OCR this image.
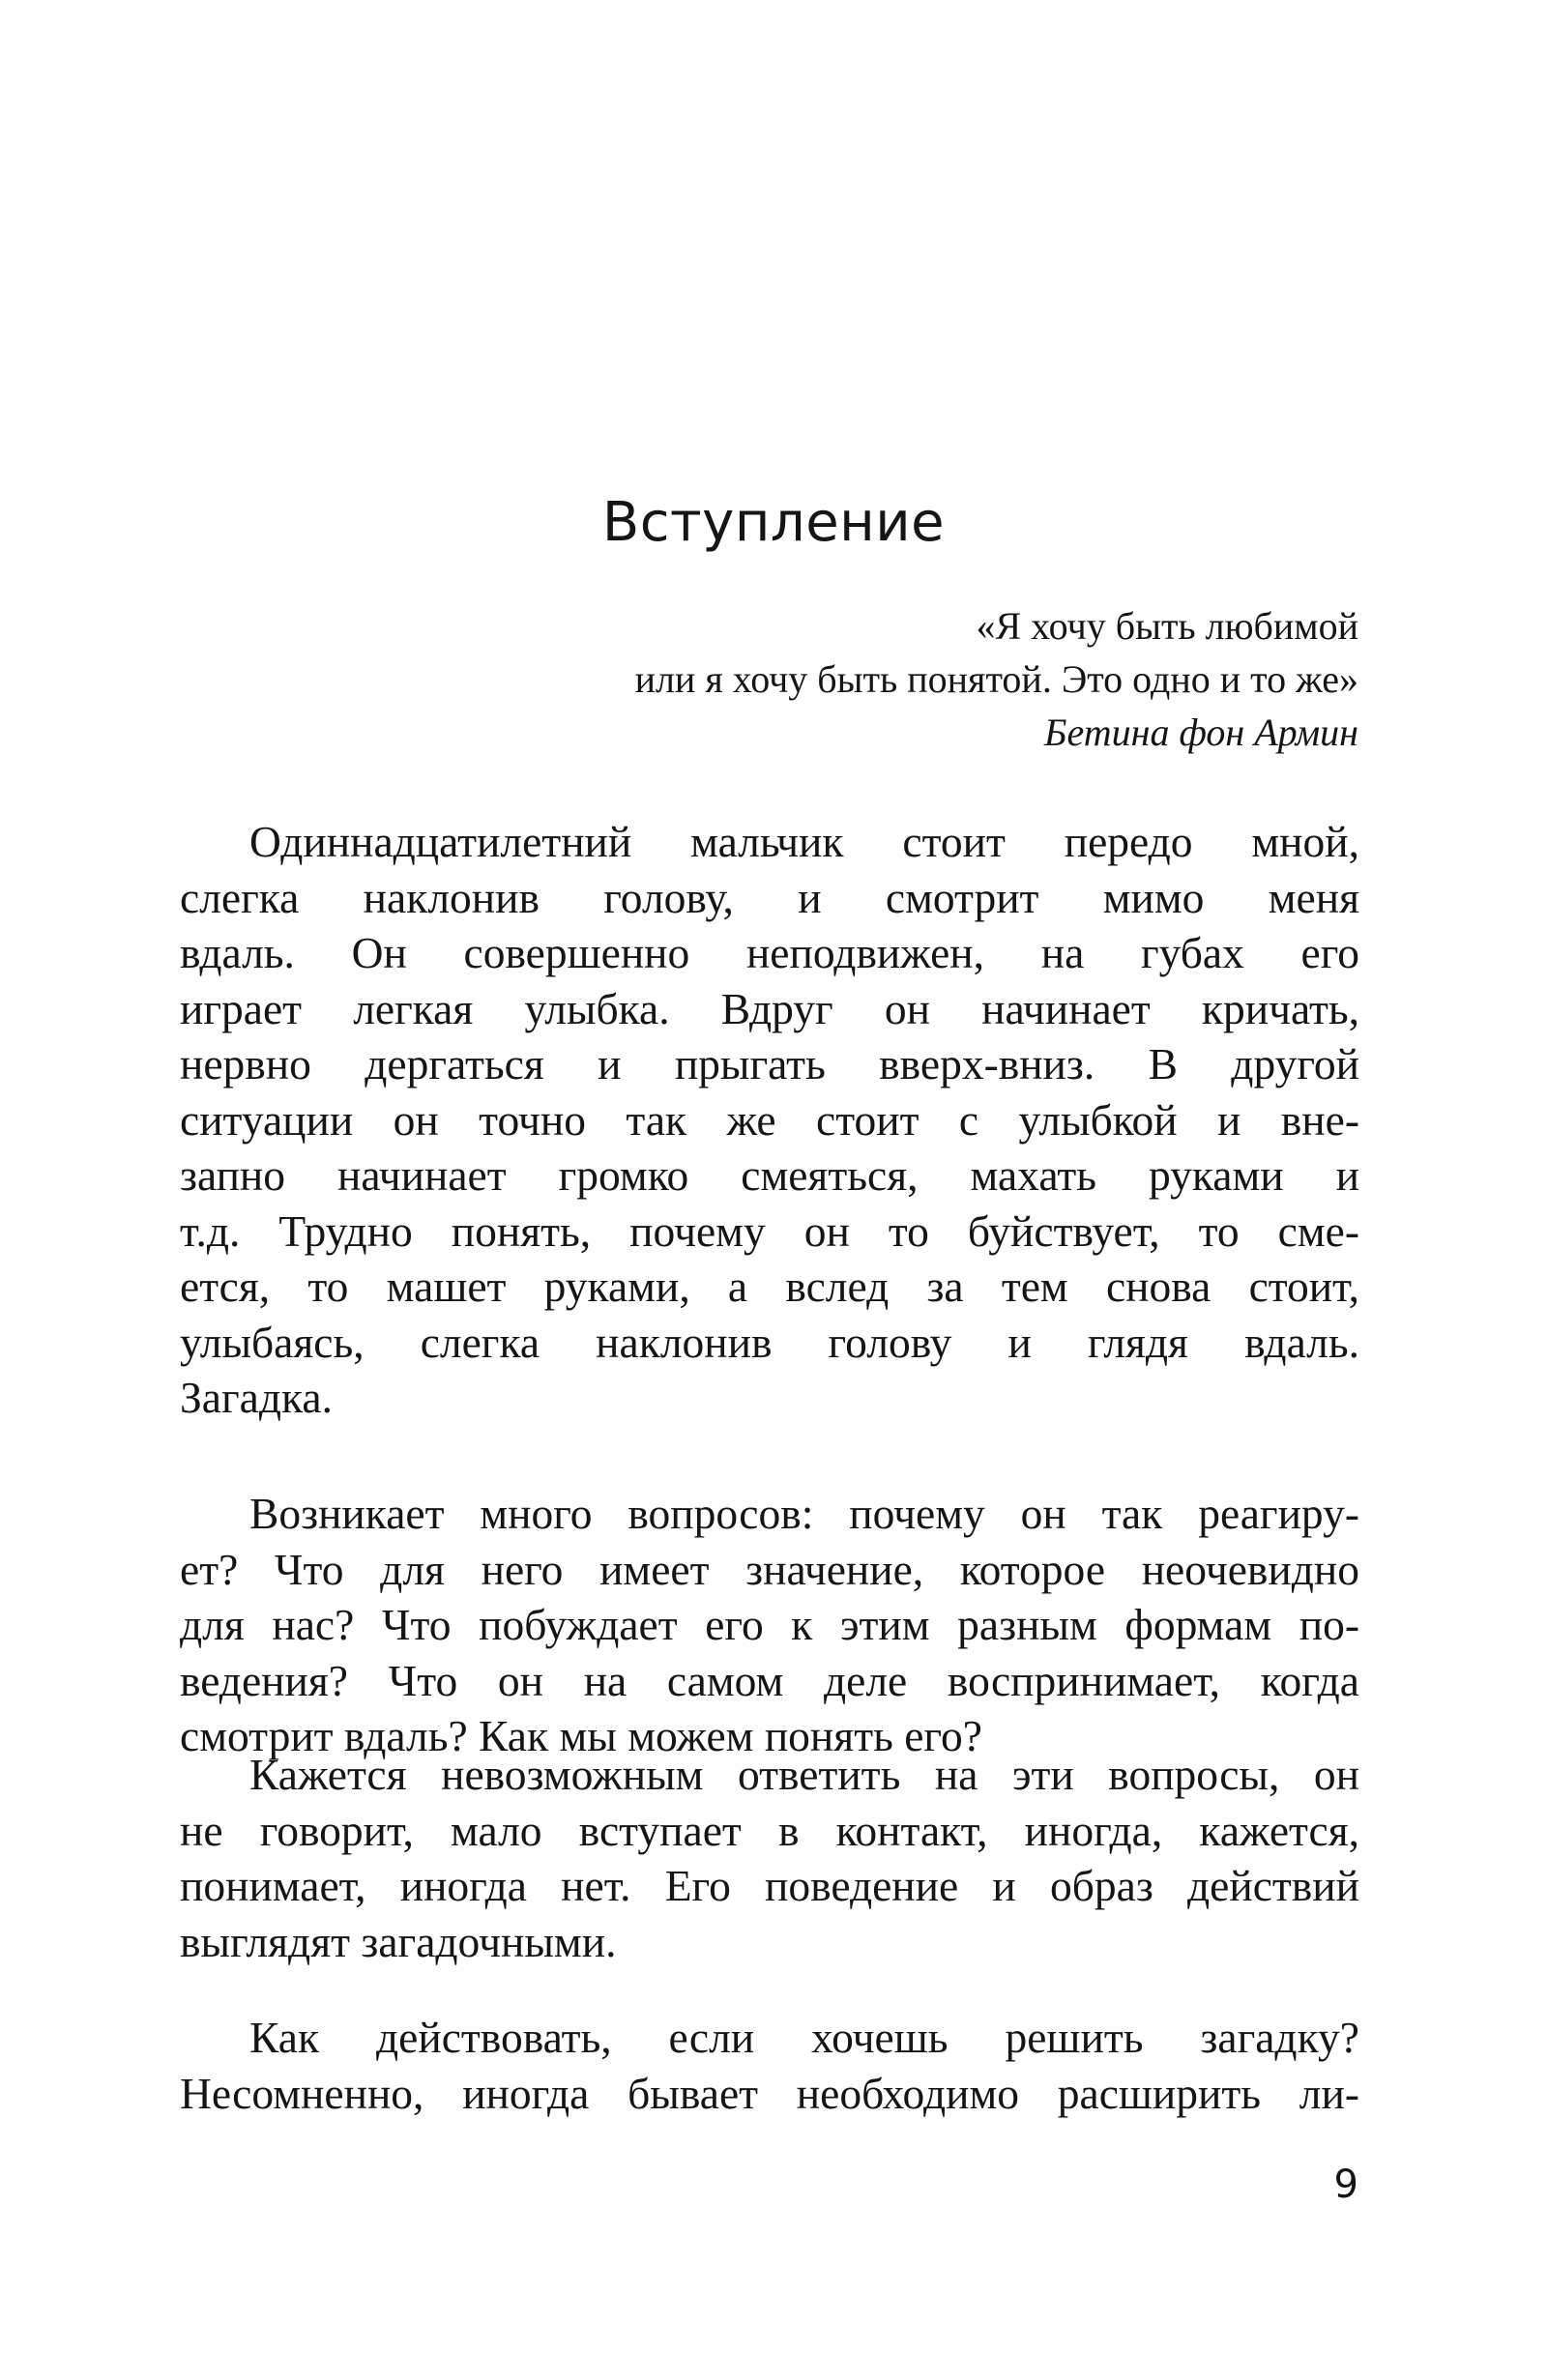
Вступление
«Я хочу быть любимой
или я хочу быть понятой. Это одно и то же»
Бетина фон Армин
Одиннадцатилетний мальчик стоит передо мной,
слегка наклонив голову, и смотрит мимо меня
вдаль. Он совершенно неподвижен, на губах его
играет легкая улыбка. Вдруг он начинает кричать,
нервно дергаться и прыгать вверх-вниз. В другой
ситуации он точно так же стоит с улыбкой и вне-
запно начинает громко смеяться, махать руками и
т.д. Трудно понять, почему он то буйствует, то сме-
ется, то машет руками, а вслед за тем снова стоит,
улыбаясь, слегка наклонив голову и глядя вдаль.
Загадка.
Возникает много вопросов: почему он так реагиру-
ет? Что для него имеет значение, которое неочевидно
для нас? Что побуждает его к этим разным формам по-
ведения? Что он на самом деле воспринимает, когда
смотрит вдаль? Как мы можем понять его?
Кажется невозможным ответить на эти вопросы, он
не говорит, мало вступает в контакт, иногда, кажется,
понимает, иногда нет. Его поведение и образ действий
выглядят загадочными.
Как действовать, если хочешь решить загадку?
Несомненно, иногда бывает необходимо расширить ли-
9
